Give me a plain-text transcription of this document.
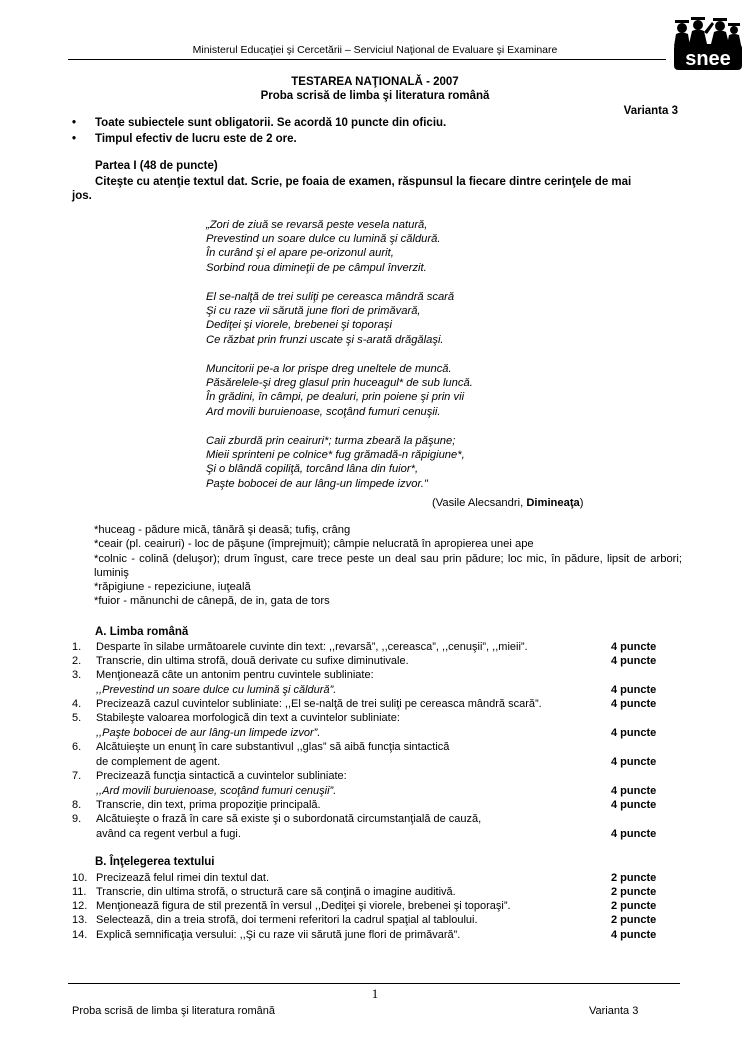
Ministerul Educaţiei şi Cercetării – Serviciul Naţional de Evaluare şi Examinare	snee
TESTAREA NAŢIONALĂ - 2007
Proba scrisă de limba şi literatura română
Varianta 3
• Toate subiectele sunt obligatorii. Se acordă 10 puncte din oficiu.
• Timpul efectiv de lucru este de 2 ore.
Partea I (48 de puncte)
Citeşte cu atenţie textul dat. Scrie, pe foaia de examen, răspunsul la fiecare dintre cerinţele de mai
jos.
„Zori de ziuă se revarsă peste vesela natură,
Prevestind un soare dulce cu lumină şi căldură.
În curând şi el apare pe-orizonul aurit,
Sorbind roua dimineţii de pe câmpul înverzit.
El se-nalţă de trei suliţi pe cereasca mândră scară
Şi cu raze vii sărută june flori de primăvară,
Dediţei şi viorele, brebenei şi toporaşi
Ce răzbat prin frunzi uscate şi s-arată drăgălaşi.
Muncitorii pe-a lor prispe dreg uneltele de muncă.
Păsărelele-şi dreg glasul prin huceagul* de sub luncă.
În grădini, în câmpi, pe dealuri, prin poiene şi prin vii
Ard movili buruienoase, scoţând fumuri cenuşii.
Caii zburdă prin ceairuri*; turma zbeară la păşune;
Mieii sprinteni pe colnice* fug grămadă-n răpigiune*,
Şi o blândă copiliţă, torcând lâna din fuior*,
Paşte bobocei de aur lâng-un limpede izvor."
(Vasile Alecsandri, Dimineaţa)
*huceag - pădure mică, tânără şi deasă; tufiş, crâng
*ceair (pl. ceairuri) - loc de păşune (împrejmuit); câmpie nelucrată în apropierea unei ape
*colnic - colină (deluşor); drum îngust, care trece peste un deal sau prin pădure; loc mic, în pădure, lipsit de arbori; luminiş
*răpigiune - repeziciune, iuţeală
*fuior - mănunchi de cânepă, de in, gata de tors
A. Limba română
1. Desparte în silabe următoarele cuvinte din text: ,,revarsă”, ,,cereasca”, ,,cenuşii”, ,,mieii”.	4 puncte
2. Transcrie, din ultima strofă, două derivate cu sufixe diminutivale.	4 puncte
3. Menţionează câte un antonim pentru cuvintele subliniate:
,,Prevestind un soare dulce cu lumină şi căldură”.	4 puncte
4. Precizează cazul cuvintelor subliniate: ,,El se-nalţă de trei suliţi pe cereasca mândră scară”.	4 puncte
5. Stabileşte valoarea morfologică din text a cuvintelor subliniate:
,,Paşte bobocei de aur lâng-un limpede izvor”.	4 puncte
6. Alcătuieşte un enunţ în care substantivul ,,glas” să aibă funcţia sintactică
de complement de agent.	4 puncte
7. Precizează funcţia sintactică a cuvintelor subliniate:
,,Ard movili buruienoase, scoţând fumuri cenuşii”.	4 puncte
8. Transcrie, din text, prima propoziţie principală.	4 puncte
9. Alcătuieşte o frază în care să existe şi o subordonată circumstanţială de cauză,
având ca regent verbul a fugi.	4 puncte
B. Înţelegerea textului
10. Precizează felul rimei din textul dat.	2 puncte
11. Transcrie, din ultima strofă, o structură care să conţină o imagine auditivă.	2 puncte
12. Menţionează figura de stil prezentă în versul ,,Dediţei şi viorele, brebenei şi toporaşi”.	2 puncte
13. Selectează, din a treia strofă, doi termeni referitori la cadrul spaţial al tabloului.	2 puncte
14. Explică semnificaţia versului: ,,Şi cu raze vii sărută june flori de primăvară”.	4 puncte
1
Proba scrisă de limba şi literatura română	Varianta 3
